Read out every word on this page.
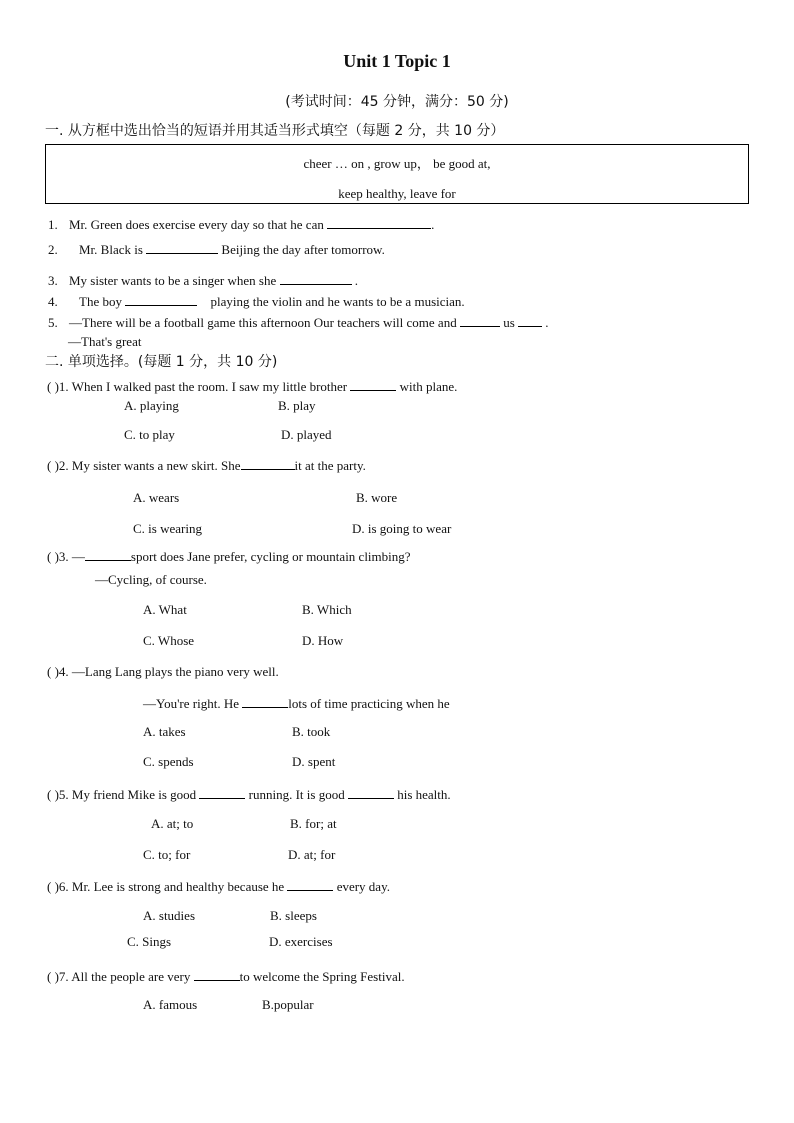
Unit 1 Topic 1
(考试时间：45 分钟，满分：50 分)
一. 从方框中选出恰当的短语并用其适当形式填空（每题 2 分，共 10 分）
cheer … on , grow up， be good at,
keep healthy, leave for
1. Mr. Green does exercise every day so that he can	.
2. Mr. Black is	Beijing the day after tomorrow.
3. My sister wants to be a singer when she	.
4. The boy	playing the violin and he wants to be a musician.
5. —There will be a football game this afternoon Our teachers will come and	us .
—That's great
二. 单项选择。(每题 1 分，共 10 分)
( )1. When I walked past the room. I saw my little brother	with plane.
A. playing	B. play
C. to play	D. played
( )2. My sister wants a new skirt. She	it at the party.
A. wears	B. wore
C. is wearing	D. is going to wear
( )3. —	sport does Jane prefer, cycling or mountain climbing?
—Cycling, of course.
A. What	B. Which
C. Whose	D. How
( )4. —Lang Lang plays the piano very well.
—You're right. He	lots of time practicing when he
A. takes	B. took
C. spends	D. spent
( )5. My friend Mike is good	running. It is good	his health.
A. at; to	B. for; at
C. to; for	D. at; for
( )6. Mr. Lee is strong and healthy because he	every day.
A. studies	B. sleeps
C. Sings	D. exercises
( )7. All the people are very	to welcome the Spring Festival.
A. famous	B.popular
